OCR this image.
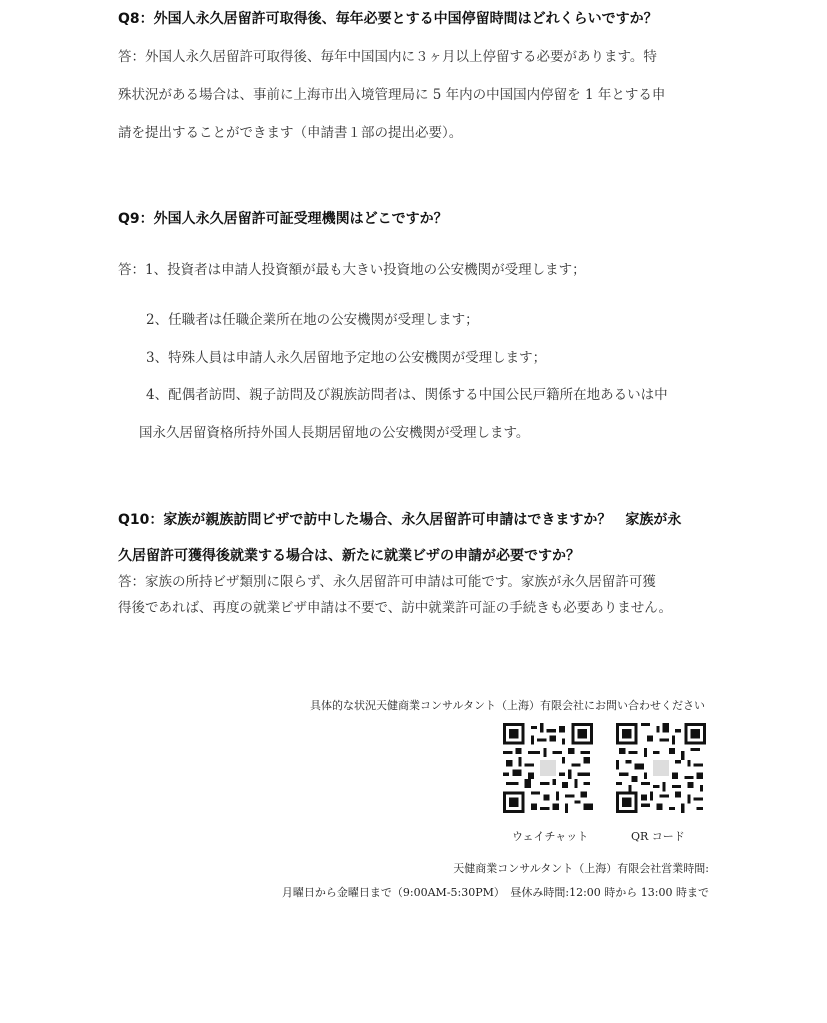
Q8：外国人永久居留許可取得後、毎年必要とする中国停留時間はどれくらいですか？
答：外国人永久居留許可取得後、毎年中国国内に３ヶ月以上停留する必要があります。特
殊状況がある場合は、事前に上海市出入境管理局に 5 年内の中国国内停留を 1 年とする申
請を提出することができます（申請書１部の提出必要）。
Q9：外国人永久居留許可証受理機関はどこですか？
答：1、投資者は申請人投資額が最も大きい投資地の公安機関が受理します；
2、任職者は任職企業所在地の公安機関が受理します；
3、特殊人員は申請人永久居留地予定地の公安機関が受理します；
4、配偶者訪問、親子訪問及び親族訪問者は、関係する中国公民戸籍所在地あるいは中
国永久居留資格所持外国人長期居留地の公安機関が受理します。
Q10：家族が親族訪問ビザで訪中した場合、永久居留許可申請はできますか？　家族が永
久居留許可獲得後就業する場合は、新たに就業ビザの申請が必要ですか？
答：家族の所持ビザ類別に限らず、永久居留許可申請は可能です。家族が永久居留許可獲
得後であれば、再度の就業ビザ申請は不要で、訪中就業許可証の手続きも必要ありません。
具体的な状況天健商業コンサルタント（上海）有限会社にお問い合わせください
ウェイチャット	QR コード
天健商業コンサルタント（上海）有限会社営業時間:
月曜日から金曜日まで（9:00AM-5:30PM）　昼休み時間:12:00 時から 13:00 時まで
